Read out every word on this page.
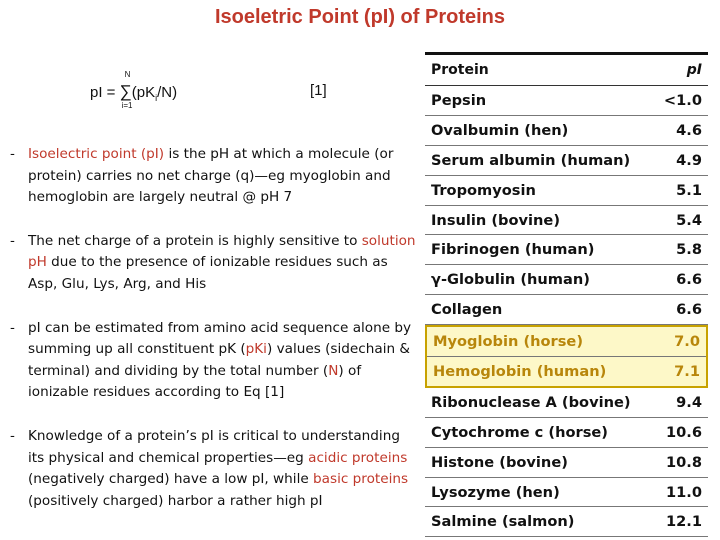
Isoeletric Point (pI) of Proteins
pI = ∑
N
i=1
$(pK_i/N)$	[1]
- Isoelectric point (pI) is the pH at which a molecule (or protein) carries no net charge (q)—eg myoglobin and hemoglobin are largely neutral @ pH 7
- The net charge of a protein is highly sensitive to solution pH due to the presence of ionizable residues such as Asp, Glu, Lys, Arg, and His
- pI can be estimated from amino acid sequence alone by summing up all constituent pK (pKi) values (sidechain & terminal) and dividing by the total number (N) of ionizable residues according to Eq [1]
- Knowledge of a protein’s pI is critical to understanding its physical and chemical properties—eg acidic proteins (negatively charged) have a low pI, while basic proteins (positively charged) harbor a rather high pI
Protein	pI
Pepsin	<1.0
Ovalbumin (hen)	4.6
Serum albumin (human)	4.9
Tropomyosin	5.1
Insulin (bovine)	5.4
Fibrinogen (human)	5.8
γ-Globulin (human)	6.6
Collagen	6.6
Myoglobin (horse)	7.0
Hemoglobin (human)	7.1
Ribonuclease A (bovine)	9.4
Cytochrome c (horse)	10.6
Histone (bovine)	10.8
Lysozyme (hen)	11.0
Salmine (salmon)	12.1
